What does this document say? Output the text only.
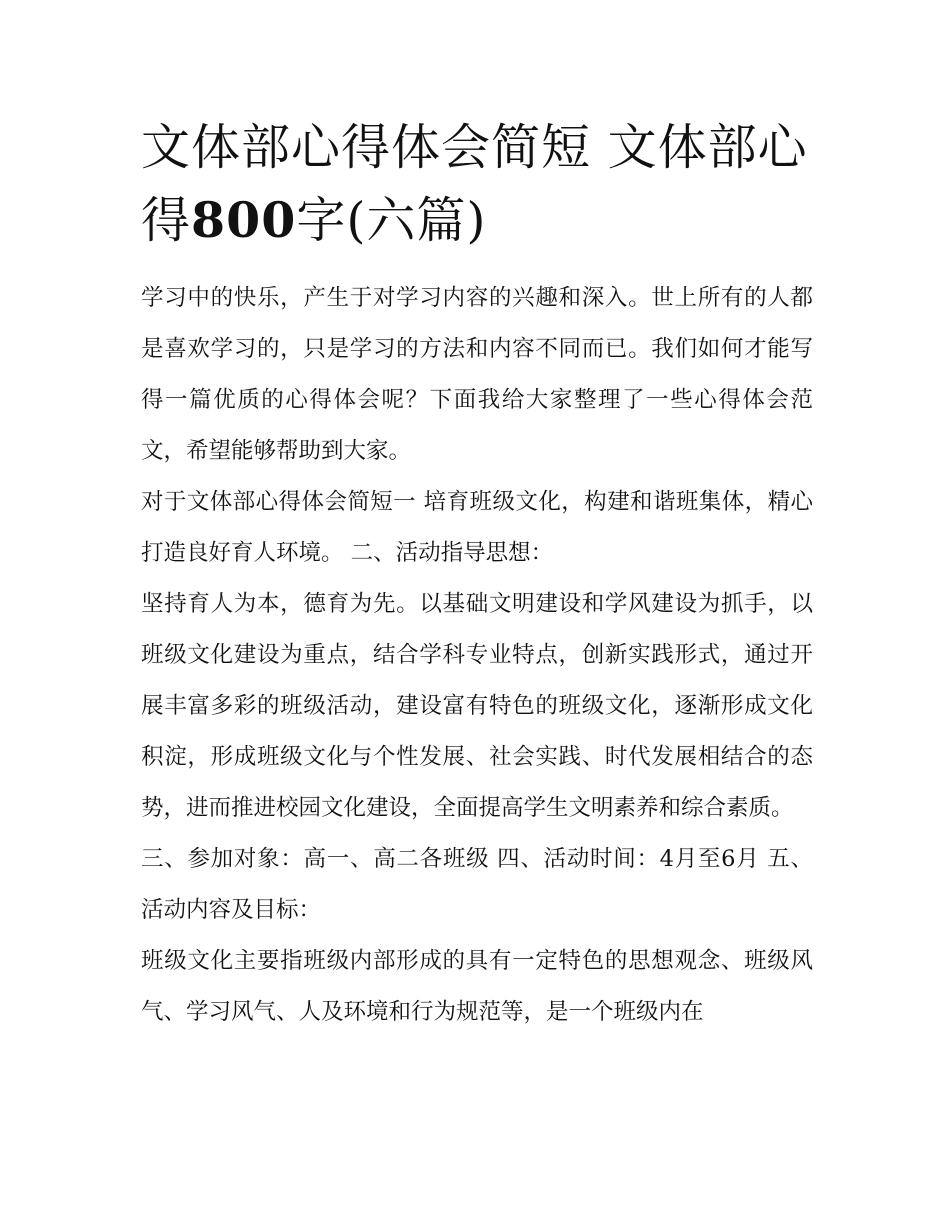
文体部心得体会简短 文体部心得800字(六篇)

学习中的快乐，产生于对学习内容的兴趣和深入。世上所有的人都是喜欢学习的，只是学习的方法和内容不同而已。我们如何才能写得一篇优质的心得体会呢？下面我给大家整理了一些心得体会范文，希望能够帮助到大家。

对于文体部心得体会简短一 培育班级文化，构建和谐班集体，精心打造良好育人环境。 二、活动指导思想：

坚持育人为本，德育为先。以基础文明建设和学风建设为抓手，以班级文化建设为重点，结合学科专业特点，创新实践形式，通过开展丰富多彩的班级活动，建设富有特色的班级文化，逐渐形成文化积淀，形成班级文化与个性发展、社会实践、时代发展相结合的态势，进而推进校园文化建设，全面提高学生文明素养和综合素质。

三、参加对象：高一、高二各班级 四、活动时间：4月至6月 五、活动内容及目标：

班级文化主要指班级内部形成的具有一定特色的思想观念、班级风气、学习风气、人及环境和行为规范等，是一个班级内在
